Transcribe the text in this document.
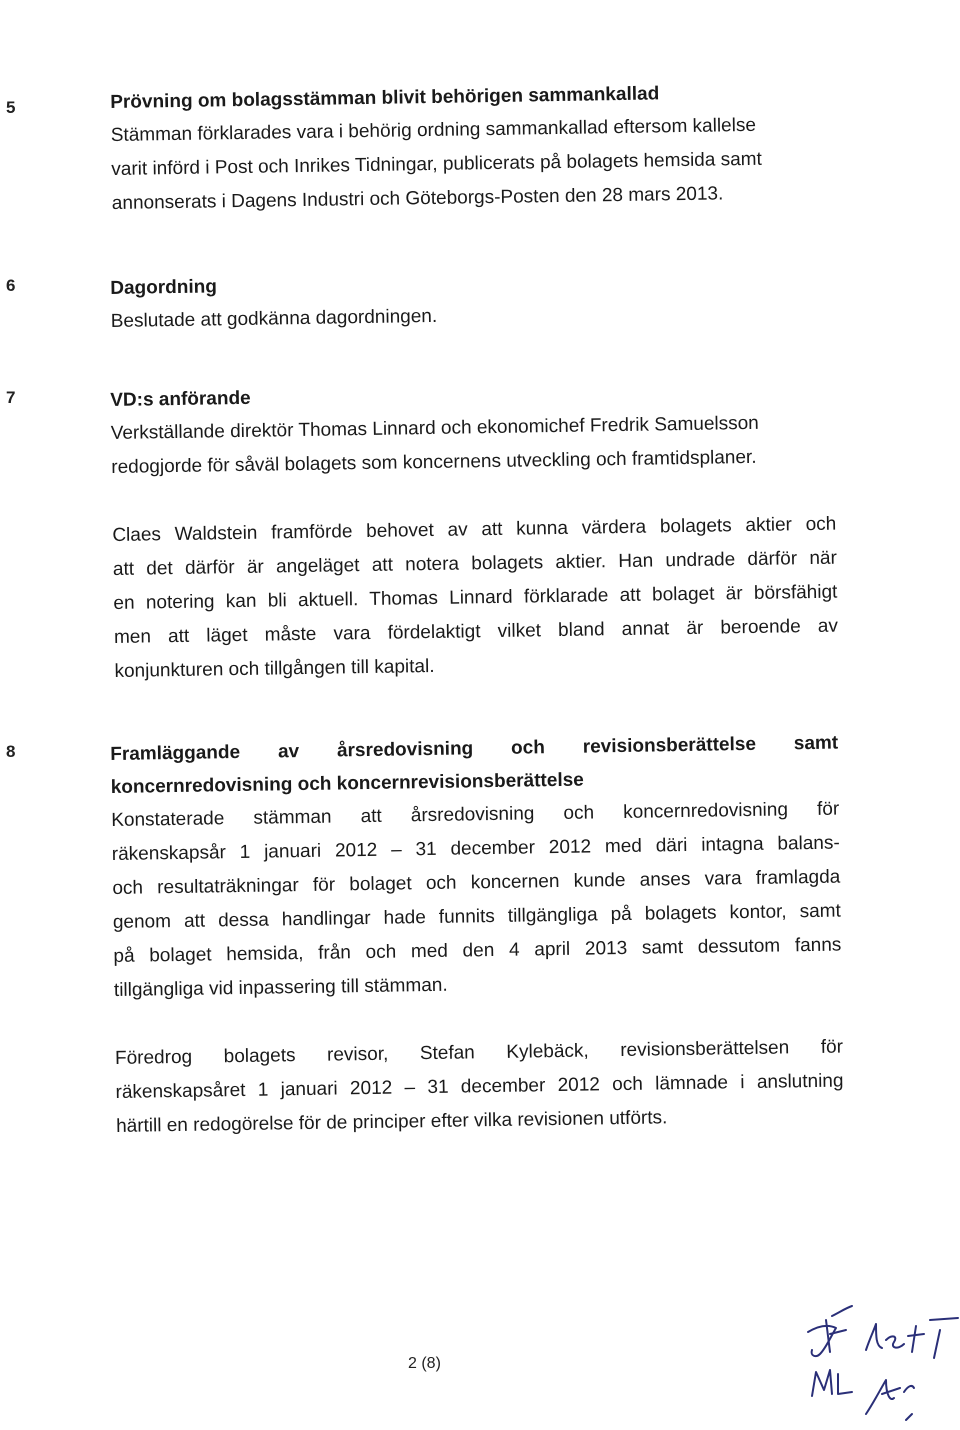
5	Prövning om bolagsstämman blivit behörigen sammankallad

Stämman förklarades vara i behörig ordning sammankallad eftersom kallelse
varit införd i Post och Inrikes Tidningar, publicerats på bolagets hemsida samt
annonserats i Dagens Industri och Göteborgs-Posten den 28 mars 2013.

6	Dagordning

Beslutade att godkänna dagordningen.

7	VD:s anförande

Verkställande direktör Thomas Linnard och ekonomichef Fredrik Samuelsson
redogjorde för såväl bolagets som koncernens utveckling och framtidsplaner.

Claes Waldstein framförde behovet av att kunna värdera bolagets aktier och
att det därför är angeläget att notera bolagets aktier. Han undrade därför när
en notering kan bli aktuell. Thomas Linnard förklarade att bolaget är börsfähigt
men att läget måste vara fördelaktigt vilket bland annat är beroende av
konjunkturen och tillgången till kapital.

8	Framläggande av årsredovisning och revisionsberättelse samt

koncernredovisning och koncernrevisionsberättelse

Konstaterade stämman att årsredovisning och koncernredovisning för
räkenskapsår 1 januari 2012 – 31 december 2012 med däri intagna balans-
och resultaträkningar för bolaget och koncernen kunde anses vara framlagda
genom att dessa handlingar hade funnits tillgängliga på bolagets kontor, samt
på bolaget hemsida, från och med den 4 april 2013 samt dessutom fanns
tillgängliga vid inpassering till stämman.

Föredrog bolagets revisor, Stefan Kylebäck, revisionsberättelsen för
räkenskapsåret 1 januari 2012 – 31 december 2012 och lämnade i anslutning
härtill en redogörelse för de principer efter vilka revisionen utförts.

2 (8)
